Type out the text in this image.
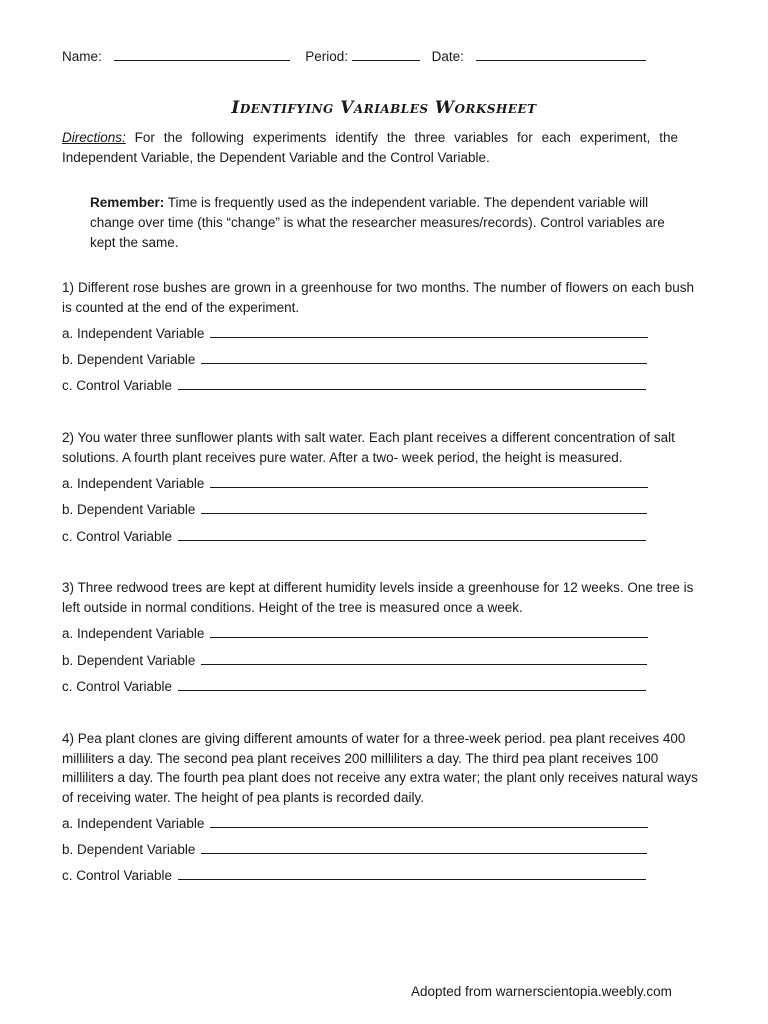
Name:	Period:	Date:
Identifying Variables Worksheet
Directions: For the following experiments identify the three variables for each experiment, the Independent Variable, the Dependent Variable and the Control Variable.
Remember: Time is frequently used as the independent variable. The dependent variable will change over time (this “change” is what the researcher measures/records). Control variables are kept the same.
1) Different rose bushes are grown in a greenhouse for two months. The number of flowers on each bush is counted at the end of the experiment.
a. Independent Variable
b. Dependent Variable
c. Control Variable
2) You water three sunflower plants with salt water. Each plant receives a different concentration of salt solutions. A fourth plant receives pure water. After a two- week period, the height is measured.
a. Independent Variable
b. Dependent Variable
c. Control Variable
3) Three redwood trees are kept at different humidity levels inside a greenhouse for 12 weeks. One tree is left outside in normal conditions. Height of the tree is measured once a week.
a. Independent Variable
b. Dependent Variable
c. Control Variable
4) Pea plant clones are giving different amounts of water for a three-week period. pea plant receives 400 milliliters a day. The second pea plant receives 200 milliliters a day. The third pea plant receives 100 milliliters a day. The fourth pea plant does not receive any extra water; the plant only receives natural ways of receiving water. The height of pea plants is recorded daily.
a. Independent Variable
b. Dependent Variable
c. Control Variable
Adopted from warnerscientopia.weebly.com
